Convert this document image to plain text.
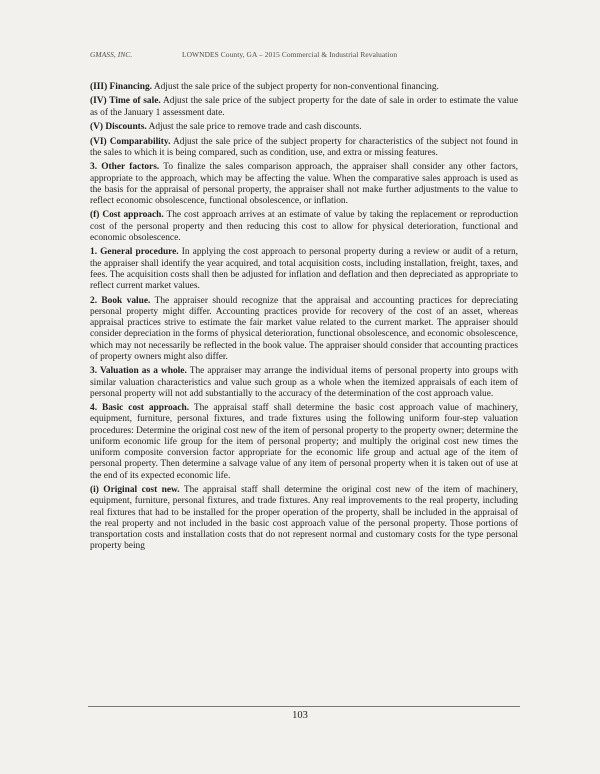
GMASS, INC.	LOWNDES County, GA – 2015 Commercial & Industrial Revaluation

(III) Financing. Adjust the sale price of the subject property for non-conventional financing.

(IV) Time of sale. Adjust the sale price of the subject property for the date of sale in order to estimate the value as of the January 1 assessment date.

(V) Discounts. Adjust the sale price to remove trade and cash discounts.

(VI) Comparability. Adjust the sale price of the subject property for characteristics of the subject not found in the sales to which it is being compared, such as condition, use, and extra or missing features.

3. Other factors. To finalize the sales comparison approach, the appraiser shall consider any other factors, appropriate to the approach, which may be affecting the value. When the comparative sales approach is used as the basis for the appraisal of personal property, the appraiser shall not make further adjustments to the value to reflect economic obsolescence, functional obsolescence, or inflation.

(f) Cost approach. The cost approach arrives at an estimate of value by taking the replacement or reproduction cost of the personal property and then reducing this cost to allow for physical deterioration, functional and economic obsolescence.

1. General procedure. In applying the cost approach to personal property during a review or audit of a return, the appraiser shall identify the year acquired, and total acquisition costs, including installation, freight, taxes, and fees. The acquisition costs shall then be adjusted for inflation and deflation and then depreciated as appropriate to reflect current market values.

2. Book value. The appraiser should recognize that the appraisal and accounting practices for depreciating personal property might differ. Accounting practices provide for recovery of the cost of an asset, whereas appraisal practices strive to estimate the fair market value related to the current market. The appraiser should consider depreciation in the forms of physical deterioration, functional obsolescence, and economic obsolescence, which may not necessarily be reflected in the book value. The appraiser should consider that accounting practices of property owners might also differ.

3. Valuation as a whole. The appraiser may arrange the individual items of personal property into groups with similar valuation characteristics and value such group as a whole when the itemized appraisals of each item of personal property will not add substantially to the accuracy of the determination of the cost approach value.

4. Basic cost approach. The appraisal staff shall determine the basic cost approach value of machinery, equipment, furniture, personal fixtures, and trade fixtures using the following uniform four-step valuation procedures: Determine the original cost new of the item of personal property to the property owner; determine the uniform economic life group for the item of personal property; and multiply the original cost new times the uniform composite conversion factor appropriate for the economic life group and actual age of the item of personal property. Then determine a salvage value of any item of personal property when it is taken out of use at the end of its expected economic life.

(i) Original cost new. The appraisal staff shall determine the original cost new of the item of machinery, equipment, furniture, personal fixtures, and trade fixtures. Any real improvements to the real property, including real fixtures that had to be installed for the proper operation of the property, shall be included in the appraisal of the real property and not included in the basic cost approach value of the personal property. Those portions of transportation costs and installation costs that do not represent normal and customary costs for the type personal property being

103
